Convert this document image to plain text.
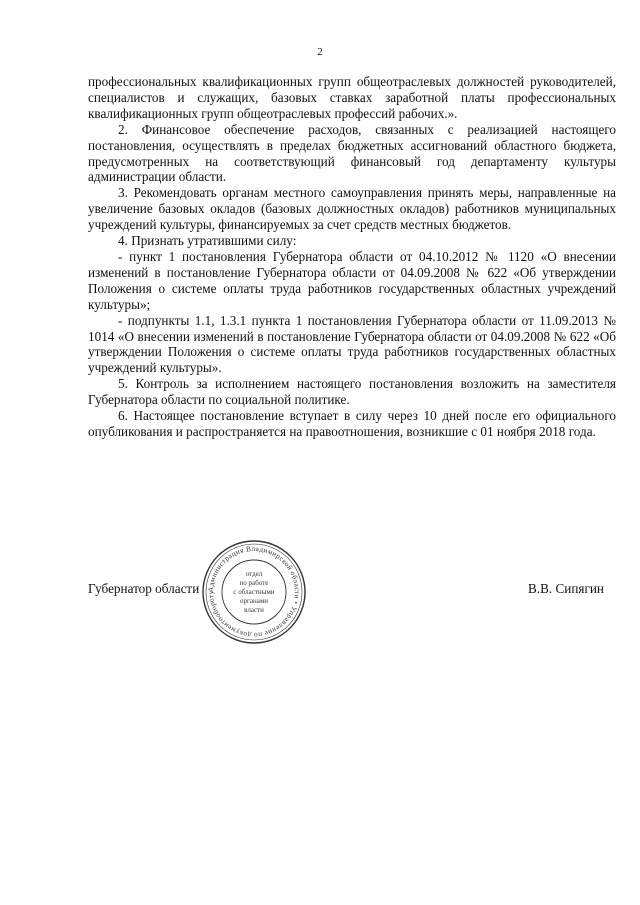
2

профессиональных квалификационных групп общеотраслевых должностей руководителей, специалистов и служащих, базовых ставках заработной платы профессиональных квалификационных групп общеотраслевых профессий рабочих.».

2. Финансовое обеспечение расходов, связанных с реализацией настоящего постановления, осуществлять в пределах бюджетных ассигнований областного бюджета, предусмотренных на соответствующий финансовый год департаменту культуры администрации области.

3. Рекомендовать органам местного самоуправления принять меры, направленные на увеличение базовых окладов (базовых должностных окладов) работников муниципальных учреждений культуры, финансируемых за счет средств местных бюджетов.

4. Признать утратившими силу:

- пункт 1 постановления Губернатора области от 04.10.2012 № 1120 «О внесении изменений в постановление Губернатора области от 04.09.2008 № 622 «Об утверждении Положения о системе оплаты труда работников государственных областных учреждений культуры»;

- подпункты 1.1, 1.3.1 пункта 1 постановления Губернатора области от 11.09.2013 № 1014 «О внесении изменений в постановление Губернатора области от 04.09.2008 № 622 «Об утверждении Положения о системе оплаты труда работников государственных областных учреждений культуры».

5. Контроль за исполнением настоящего постановления возложить на заместителя Губернатора области по социальной политике.

6. Настоящее постановление вступает в силу через 10 дней после его официального опубликования и распространяется на правоотношения, возникшие с 01 ноября 2018 года.

Губернатор области	В.В. Сипягин
Администрация Владимирской области • Управление по документообороту
отдел
по работе
с областными
органами
власти
